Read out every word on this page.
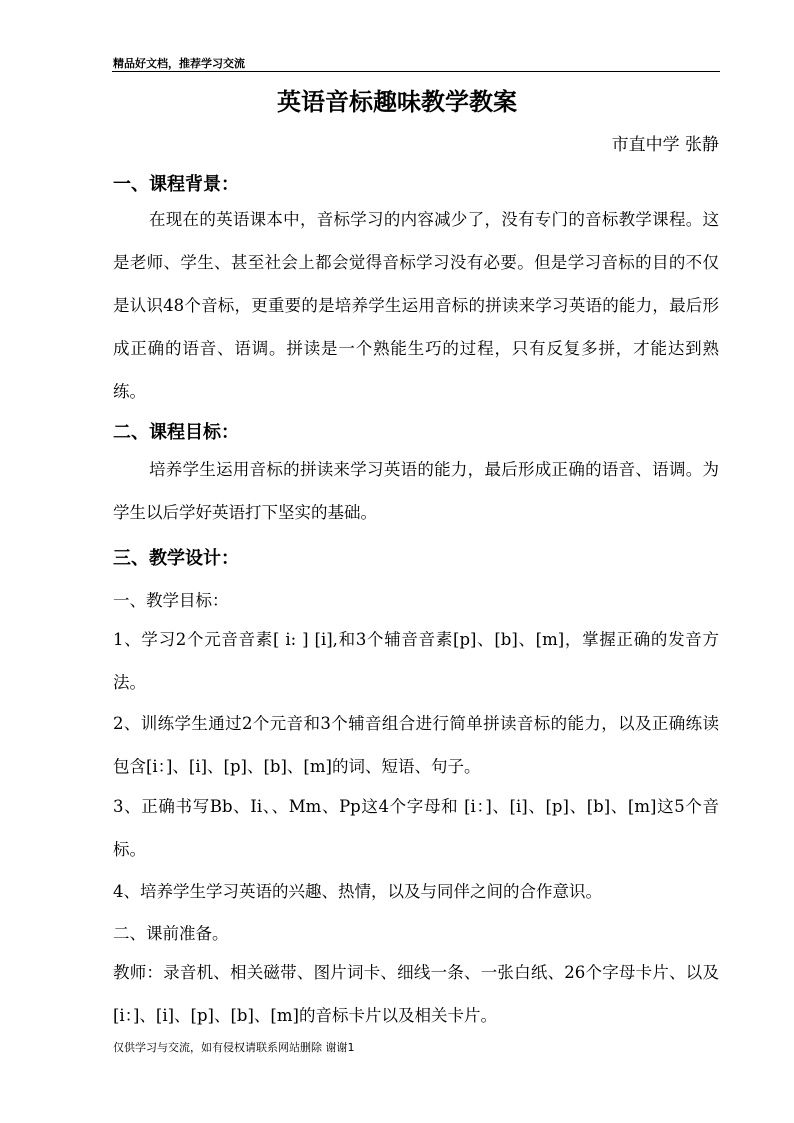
精品好文档，推荐学习交流
英语音标趣味教学教案
市直中学 张静
一、课程背景：
在现在的英语课本中，音标学习的内容减少了，没有专门的音标教学课程。这是老师、学生、甚至社会上都会觉得音标学习没有必要。但是学习音标的目的不仅是认识48个音标，更重要的是培养学生运用音标的拼读来学习英语的能力，最后形成正确的语音、语调。拼读是一个熟能生巧的过程，只有反复多拼，才能达到熟练。
二、课程目标：
培养学生运用音标的拼读来学习英语的能力，最后形成正确的语音、语调。为学生以后学好英语打下坚实的基础。
三、教学设计：
一、教学目标：
1、学习2个元音音素[ i: ] [i],和3个辅音音素[p]、[b]、[m]，掌握正确的发音方法。
2、训练学生通过2个元音和3个辅音组合进行简单拼读音标的能力，以及正确练读包含[i：]、[i]、[p]、[b]、[m]的词、短语、句子。
3、正确书写Bb、Ii、、Mm、Pp这4个字母和 [i：]、[i]、[p]、[b]、[m]这5个音标。
4、培养学生学习英语的兴趣、热情，以及与同伴之间的合作意识。
二、课前准备。
教师：录音机、相关磁带、图片词卡、细线一条、一张白纸、26个字母卡片、以及[i：]、[i]、[p]、[b]、[m]的音标卡片以及相关卡片。
仅供学习与交流，如有侵权请联系网站删除 谢谢1
